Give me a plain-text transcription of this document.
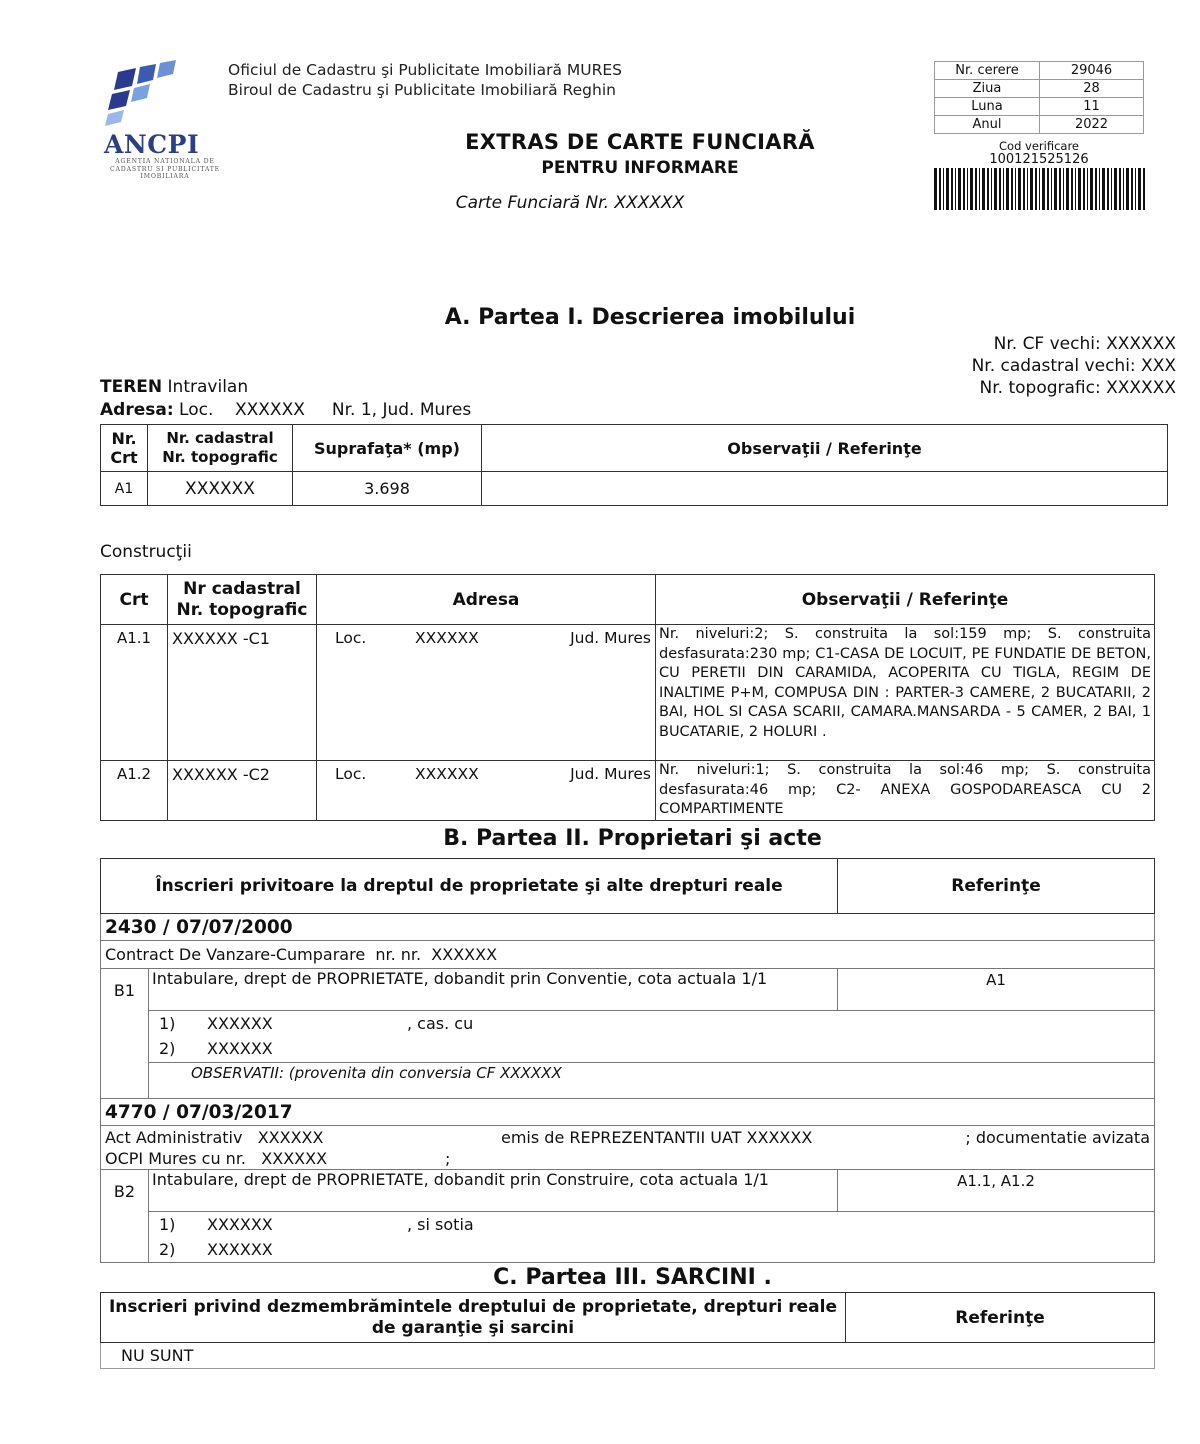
ANCPI
AGENTIA NATIONALA DE CADASTRU SI PUBLICITATE IMOBILIARA
Oficiul de Cadastru şi Publicitate Imobiliară MURES
Biroul de Cadastru şi Publicitate Imobiliară Reghin
EXTRAS DE CARTE FUNCIARĂ
PENTRU INFORMARE
Carte Funciară Nr. XXXXXX
Nr. cerere	29046
Ziua	28
Luna	11
Anul	2022
Cod verificare
100121525126
A. Partea I. Descrierea imobilului
Nr. CF vechi: XXXXXX
Nr. cadastral vechi: XXX
Nr. topografic: XXXXXX
TEREN Intravilan
Adresa: Loc.    XXXXXX     Nr. 1, Jud. Mures
Nr. Crt	Nr. cadastral Nr. topografic	Suprafaţa* (mp)	Observaţii / Referinţe
A1	XXXXXX	3.698	
Construcţii
Crt	Nr cadastral Nr. topografic	Adresa	Observaţii / Referinţe
A1.1	XXXXXX -C1	Loc. XXXXXX Jud. Mures	Nr. niveluri:2; S. construita la sol:159 mp; S. construita desfasurata:230 mp; C1-CASA DE LOCUIT, PE FUNDATIE DE BETON, CU PERETII DIN CARAMIDA, ACOPERITA CU TIGLA, REGIM DE INALTIME P+M, COMPUSA DIN : PARTER-3 CAMERE, 2 BUCATARII, 2 BAI, HOL SI CASA SCARII, CAMARA.MANSARDA - 5 CAMER, 2 BAI, 1 BUCATARIE, 2 HOLURI .
A1.2	XXXXXX -C2	Loc. XXXXXX Jud. Mures	Nr. niveluri:1; S. construita la sol:46 mp; S. construita desfasurata:46 mp; C2- ANEXA GOSPODAREASCA CU 2 COMPARTIMENTE
B. Partea II. Proprietari şi acte
Înscrieri privitoare la dreptul de proprietate şi alte drepturi reale		Referinţe
2430 / 07/07/2000		
Contract De Vanzare-Cumparare  nr. nr.  XXXXXX		
B1	Intabulare, drept de PROPRIETATE, dobandit prin Conventie, cota actuala 1/1	A1

	1) XXXXXX , cas. cu
2) XXXXXX	

	OBSERVATII: (provenita din conversia CF XXXXXX	
4770 / 07/03/2017		

Act Administrativ   XXXXXX emis de REPREZENTANTII UAT XXXXXX ; documentatie avizata
OCPI Mures cu nr.   XXXXXX ;		

B2	Intabulare, drept de PROPRIETATE, dobandit prin Construire, cota actuala 1/1	A1.1, A1.2

	1) XXXXXX , si sotia
2) XXXXXX	
C. Partea III. SARCINI .
Inscrieri privind dezmembrămintele dreptului de proprietate, drepturi reale de garanţie şi sarcini	Referinţe
NU SUNT
